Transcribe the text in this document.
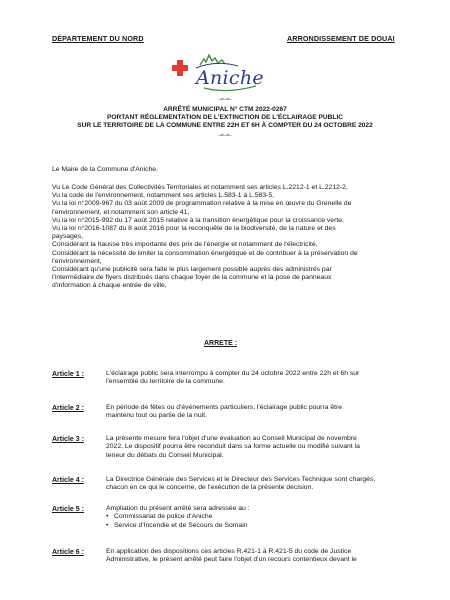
DÉPARTEMENT DU NORD	ARRONDISSEMENT DE DOUAI
Aniche
-=-=-
ARRÊTÉ MUNICIPAL N° CTM 2022-0267
PORTANT RÉGLEMENTATION DE L'EXTINCTION DE L'ÉCLAIRAGE PUBLIC
SUR LE TERRITOIRE DE LA COMMUNE ENTRE 22H ET 6H À COMPTER DU 24 OCTOBRE 2022
-=-=-
Le Maire de la Commune d'Aniche,
Vu Le Code Général des Collectivités Territoriales et notamment ses articles L.2212-1 et L.2212-2,
Vu la code de l'environnement, notamment ses articles L.583-1 à L.583-5,
Vu la loi n°2009-967 du 03 août 2009 de programmation relative à la mise en œuvre du Grenelle de
l'environnement, et notamment son article 41,
Vu la loi n°2015-992 du 17 août 2015 relative à la transition énergétique pour la croissance verte,
Vu la loi n°2016-1087 du 8 août 2016 pour la reconquête de la biodiversité, de la nature et des
paysages,
Considérant la hausse très importante des prix de l'énergie et notamment de l'électricité,
Considérant la nécessité de limiter la consommation énergétique et de contribuer à la préservation de
l'environnement,
Considérant qu'une publicité sera faite le plus largement possible auprès des administrés par
l'intermédiaire de flyers distribués dans chaque foyer de la commune et la pose de panneaux
d'information à chaque entrée de ville,
ARRETE :
Article 1 :	L'éclairage public sera interrompu à compter du 24 octobre 2022 entre 22h et 6h sur
l'ensemble du territoire de la commune.
Article 2 :	En période de fêtes ou d'événements particuliers, l'éclairage public pourra être
maintenu tout ou partie de la nuit.
Article 3 :	La présente mesure fera l'objet d'une évaluation au Conseil Municipal de novembre
2022. Le dispositif pourra être reconduit dans sa forme actuelle ou modifié suivant la
teneur du débats du Conseil Municipal.
Article 4 :	La Directrice Générale des Services et le Directeur des Services Technique sont chargés,
chacun en ce qui le concerne, de l'exécution de la présente décision.
Article 5 :	Ampliation du présent arrêté sera adressée au :
• Commissariat de police d'Aniche
• Service d'Incendie et de Secours de Somain
Article 6 :	En application des dispositions ces articles R.421-1 à R.421-5 du code de Justice
Administrative, le présent arrêté peut faire l'objet d'un recours contentieux devant le
